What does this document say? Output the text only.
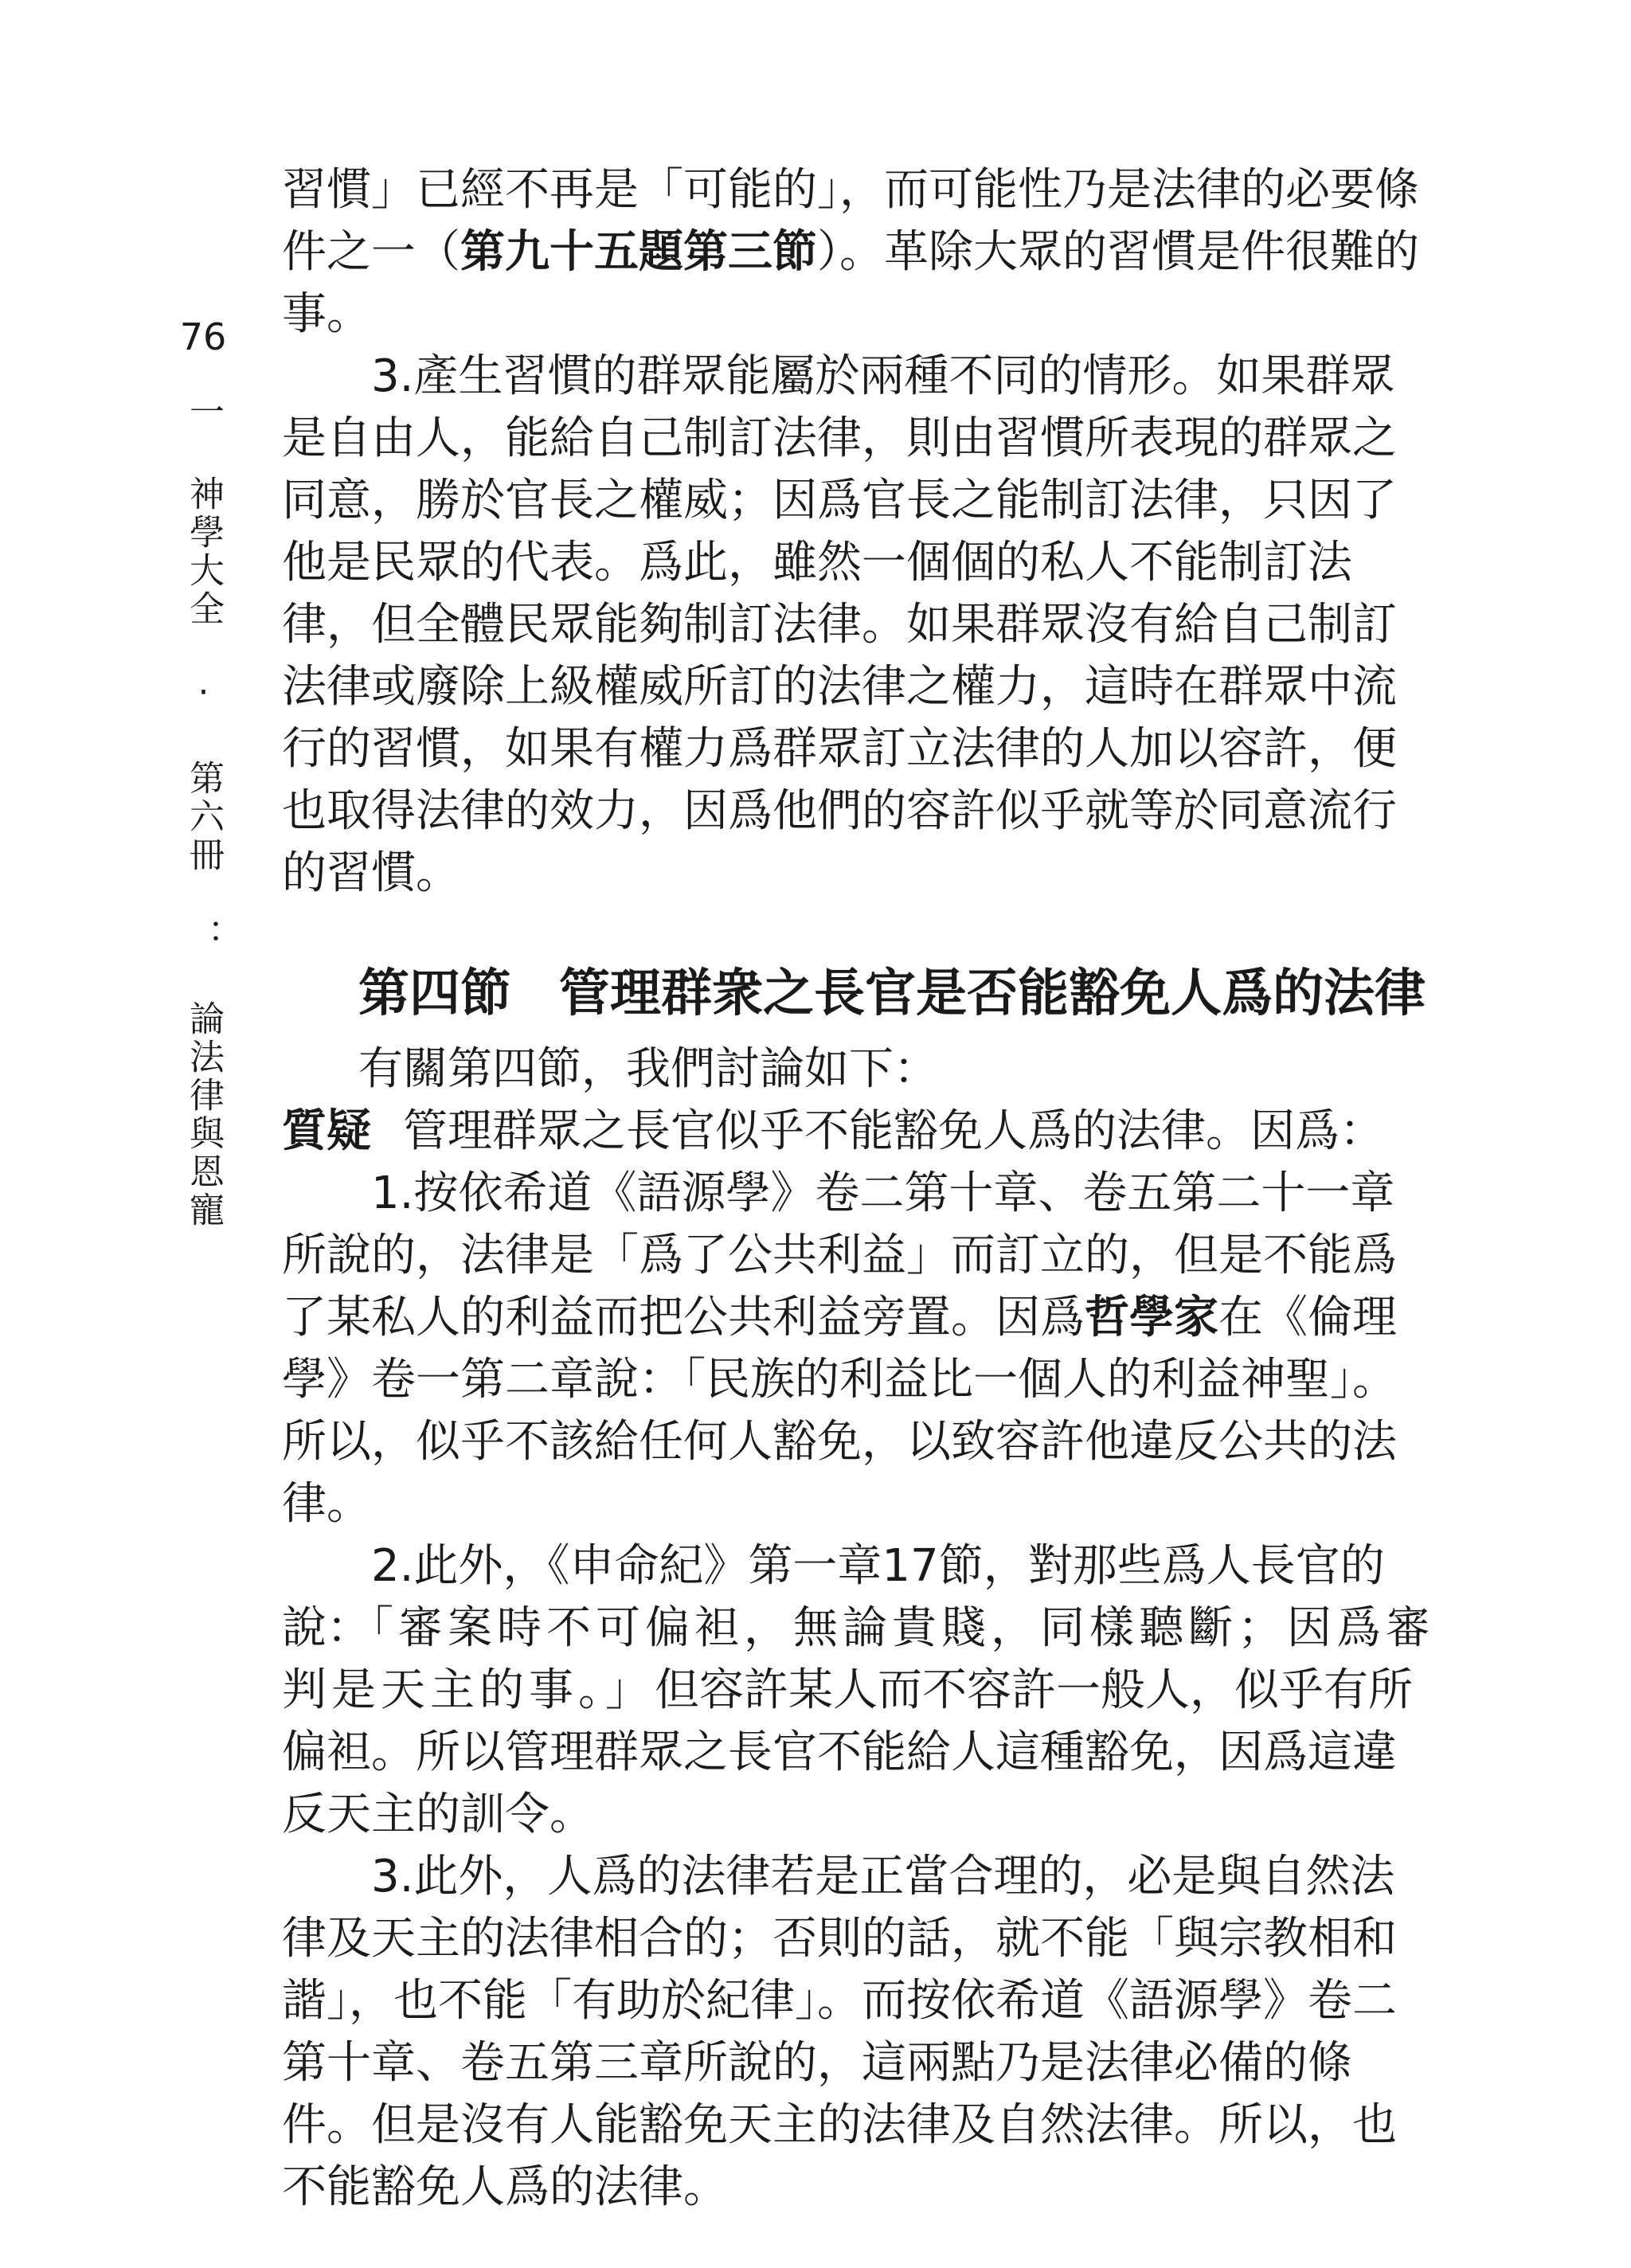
76
一 神學大全 · 第六冊 ： 論法律與恩寵

習慣」已經不再是「可能的」，而可能性乃是法律的必要條件之一（第九十五題第三節）。革除大眾的習慣是件很難的事。

3.產生習慣的群眾能屬於兩種不同的情形。如果群眾是自由人，能給自己制訂法律，則由習慣所表現的群眾之同意，勝於官長之權威；因爲官長之能制訂法律，只因了他是民眾的代表。爲此，雖然一個個的私人不能制訂法律，但全體民眾能夠制訂法律。如果群眾沒有給自己制訂法律或廢除上級權威所訂的法律之權力，這時在群眾中流行的習慣，如果有權力爲群眾訂立法律的人加以容許，便也取得法律的效力，因爲他們的容許似乎就等於同意流行的習慣。

第四節 管理群衆之長官是否能豁免人爲的法律

有關第四節，我們討論如下：

質疑 管理群眾之長官似乎不能豁免人爲的法律。因爲：

1.按依希道《語源學》卷二第十章、卷五第二十一章所說的，法律是「爲了公共利益」而訂立的，但是不能爲了某私人的利益而把公共利益旁置。因爲哲學家在《倫理學》卷一第二章說：「民族的利益比一個人的利益神聖」。所以，似乎不該給任何人豁免，以致容許他違反公共的法律。

2.此外，《申命紀》第一章17節，對那些爲人長官的說：「審案時不可偏袒，無論貴賤，同樣聽斷；因爲審判是天主的事。」但容許某人而不容許一般人，似乎有所偏袒。所以管理群眾之長官不能給人這種豁免，因爲這違反天主的訓令。

3.此外，人爲的法律若是正當合理的，必是與自然法律及天主的法律相合的；否則的話，就不能「與宗教相和諧」，也不能「有助於紀律」。而按依希道《語源學》卷二第十章、卷五第三章所說的，這兩點乃是法律必備的條件。但是沒有人能豁免天主的法律及自然法律。所以，也不能豁免人爲的法律。
